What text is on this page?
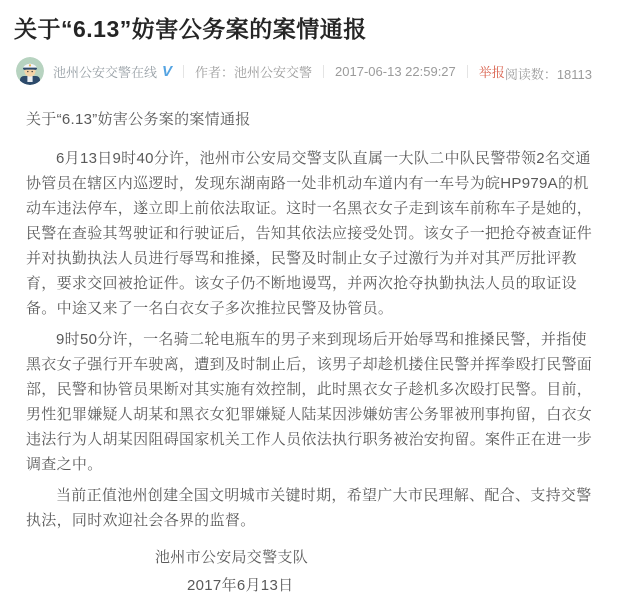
关于“6.13”妨害公务案的案情通报
池州公安交警在线 V 作者：池州公安交警 2017-06-13 22:59:27 举报 阅读数：18113

关于“6.13”妨害公务案的案情通报

6月13日9时40分许，池州市公安局交警支队直属一大队二中队民警带领2名交通协管员在辖区内巡逻时，发现东湖南路一处非机动车道内有一车号为皖HP979A的机动车违法停车，遂立即上前依法取证。这时一名黑衣女子走到该车前称车子是她的，民警在查验其驾驶证和行驶证后，告知其依法应接受处罚。该女子一把抢夺被查证件并对执勤执法人员进行辱骂和推搡，民警及时制止女子过激行为并对其严厉批评教育，要求交回被抢证件。该女子仍不断地谩骂，并两次抢夺执勤执法人员的取证设备。中途又来了一名白衣女子多次推拉民警及协管员。

9时50分许，一名骑二轮电瓶车的男子来到现场后开始辱骂和推搡民警，并指使黑衣女子强行开车驶离，遭到及时制止后，该男子却趁机搂住民警并挥拳殴打民警面部，民警和协管员果断对其实施有效控制，此时黑衣女子趁机多次殴打民警。目前，男性犯罪嫌疑人胡某和黑衣女犯罪嫌疑人陆某因涉嫌妨害公务罪被刑事拘留，白衣女违法行为人胡某因阻碍国家机关工作人员依法执行职务被治安拘留。案件正在进一步调查之中。

当前正值池州创建全国文明城市关键时期，希望广大市民理解、配合、支持交警执法，同时欢迎社会各界的监督。

池州市公安局交警支队
2017年6月13日
